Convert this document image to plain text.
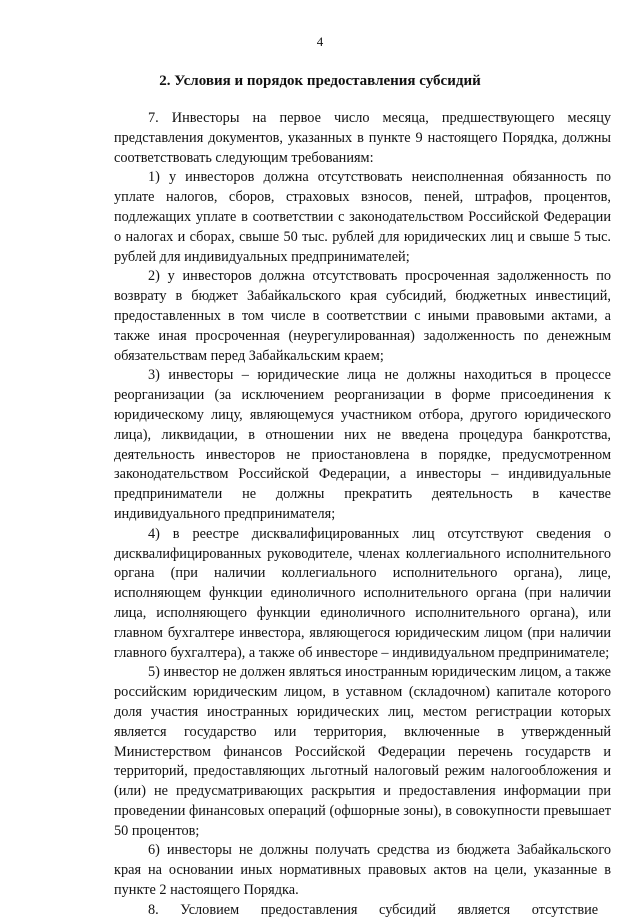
4
2. Условия и порядок предоставления субсидий

7. Инвесторы на первое число месяца, предшествующего месяцу представления документов, указанных в пункте 9 настоящего Порядка, должны соответствовать следующим требованиям:

1) у инвесторов должна отсутствовать неисполненная обязанность по уплате налогов, сборов, страховых взносов, пеней, штрафов, процентов, подлежащих уплате в соответствии с законодательством Российской Федерации о налогах и сборах, свыше 50 тыс. рублей для юридических лиц и свыше 5 тыс. рублей для индивидуальных предпринимателей;

2) у инвесторов должна отсутствовать просроченная задолженность по возврату в бюджет Забайкальского края субсидий, бюджетных инвестиций, предоставленных в том числе в соответствии с иными правовыми актами, а также иная просроченная (неурегулированная) задолженность по денежным обязательствам перед Забайкальским краем;

3) инвесторы – юридические лица не должны находиться в процессе реорганизации (за исключением реорганизации в форме присоединения к юридическому лицу, являющемуся участником отбора, другого юридического лица), ликвидации, в отношении них не введена процедура банкротства, деятельность инвесторов не приостановлена в порядке, предусмотренном законодательством Российской Федерации, а инвесторы – индивидуальные предприниматели не должны прекратить деятельность в качестве индивидуального предпринимателя;

4) в реестре дисквалифицированных лиц отсутствуют сведения о дисквалифицированных руководителе, членах коллегиального исполнительного органа (при наличии коллегиального исполнительного органа), лице, исполняющем функции единоличного исполнительного органа (при наличии лица, исполняющего функции единоличного исполнительного органа), или главном бухгалтере инвестора, являющегося юридическим лицом (при наличии главного бухгалтера), а также об инвесторе – индивидуальном предпринимателе;

5) инвестор не должен являться иностранным юридическим лицом, а также российским юридическим лицом, в уставном (складочном) капитале которого доля участия иностранных юридических лиц, местом регистрации которых является государство или территория, включенные в утвержденный Министерством финансов Российской Федерации перечень государств и территорий, предоставляющих льготный налоговый режим налогообложения и (или) не предусматривающих раскрытия и предоставления информации при проведении финансовых операций (офшорные зоны), в совокупности превышает 50 процентов;

6) инвесторы не должны получать средства из бюджета Забайкальского края на основании иных нормативных правовых актов на цели, указанные в пункте 2 настоящего Порядка.

8. Условием предоставления субсидий является отсутствие
